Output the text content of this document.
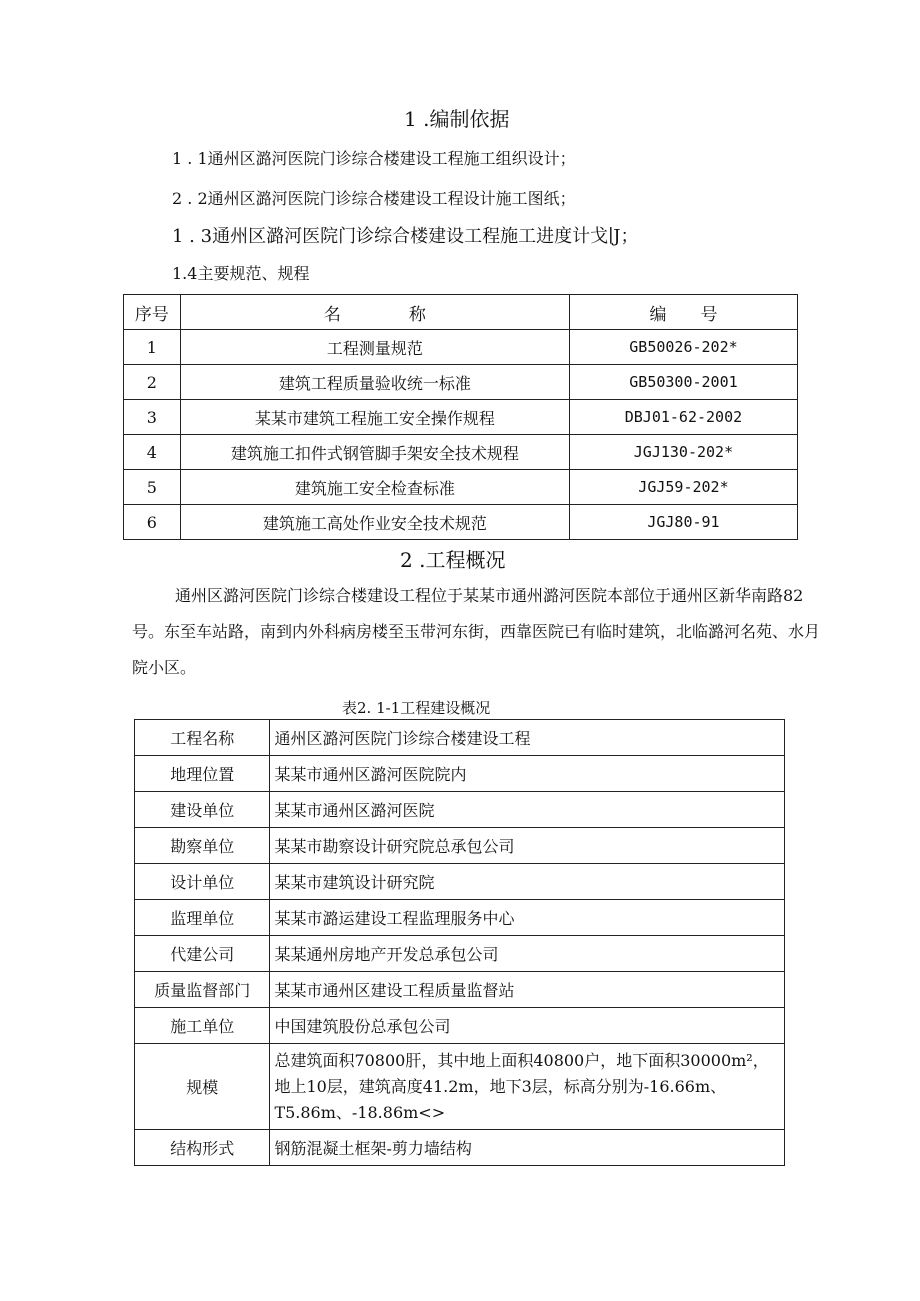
1 .编制依据
1 . 1通州区潞河医院门诊综合楼建设工程施工组织设计；
2 . 2通州区潞河医院门诊综合楼建设工程设计施工图纸；
1 . 3通州区潞河医院门诊综合楼建设工程施工进度计戈∣J；
1.4主要规范、规程
序号	名　　　　称	编　　号
1	工程测量规范	GB50026-202*
2	建筑工程质量验收统一标准	GB50300-2001
3	某某市建筑工程施工安全操作规程	DBJ01-62-2002
4	建筑施工扣件式钢管脚手架安全技术规程	JGJ130-202*
5	建筑施工安全检查标准	JGJ59-202*
6	建筑施工高处作业安全技术规范	JGJ80-91
2 .工程概况
通州区潞河医院门诊综合楼建设工程位于某某市通州潞河医院本部位于通州区新华南路82号。东至车站路，南到内外科病房楼至玉带河东街，西靠医院已有临时建筑，北临潞河名苑、水月院小区。
表2. 1-1工程建设概况
工程名称	通州区潞河医院门诊综合楼建设工程
地理位置	某某市通州区潞河医院院内
建设单位	某某市通州区潞河医院
勘察单位	某某市勘察设计研究院总承包公司
设计单位	某某市建筑设计研究院
监理单位	某某市潞运建设工程监理服务中心
代建公司	某某通州房地产开发总承包公司
质量监督部门	某某市通州区建设工程质量监督站
施工单位	中国建筑股份总承包公司
规模	总建筑面积70800肝，其中地上面积40800户，地下面积30000m²，地上10层，建筑高度41.2m，地下3层，标高分别为-16.66m、T5.86m、-18.86m<>
结构形式	钢筋混凝土框架-剪力墙结构
